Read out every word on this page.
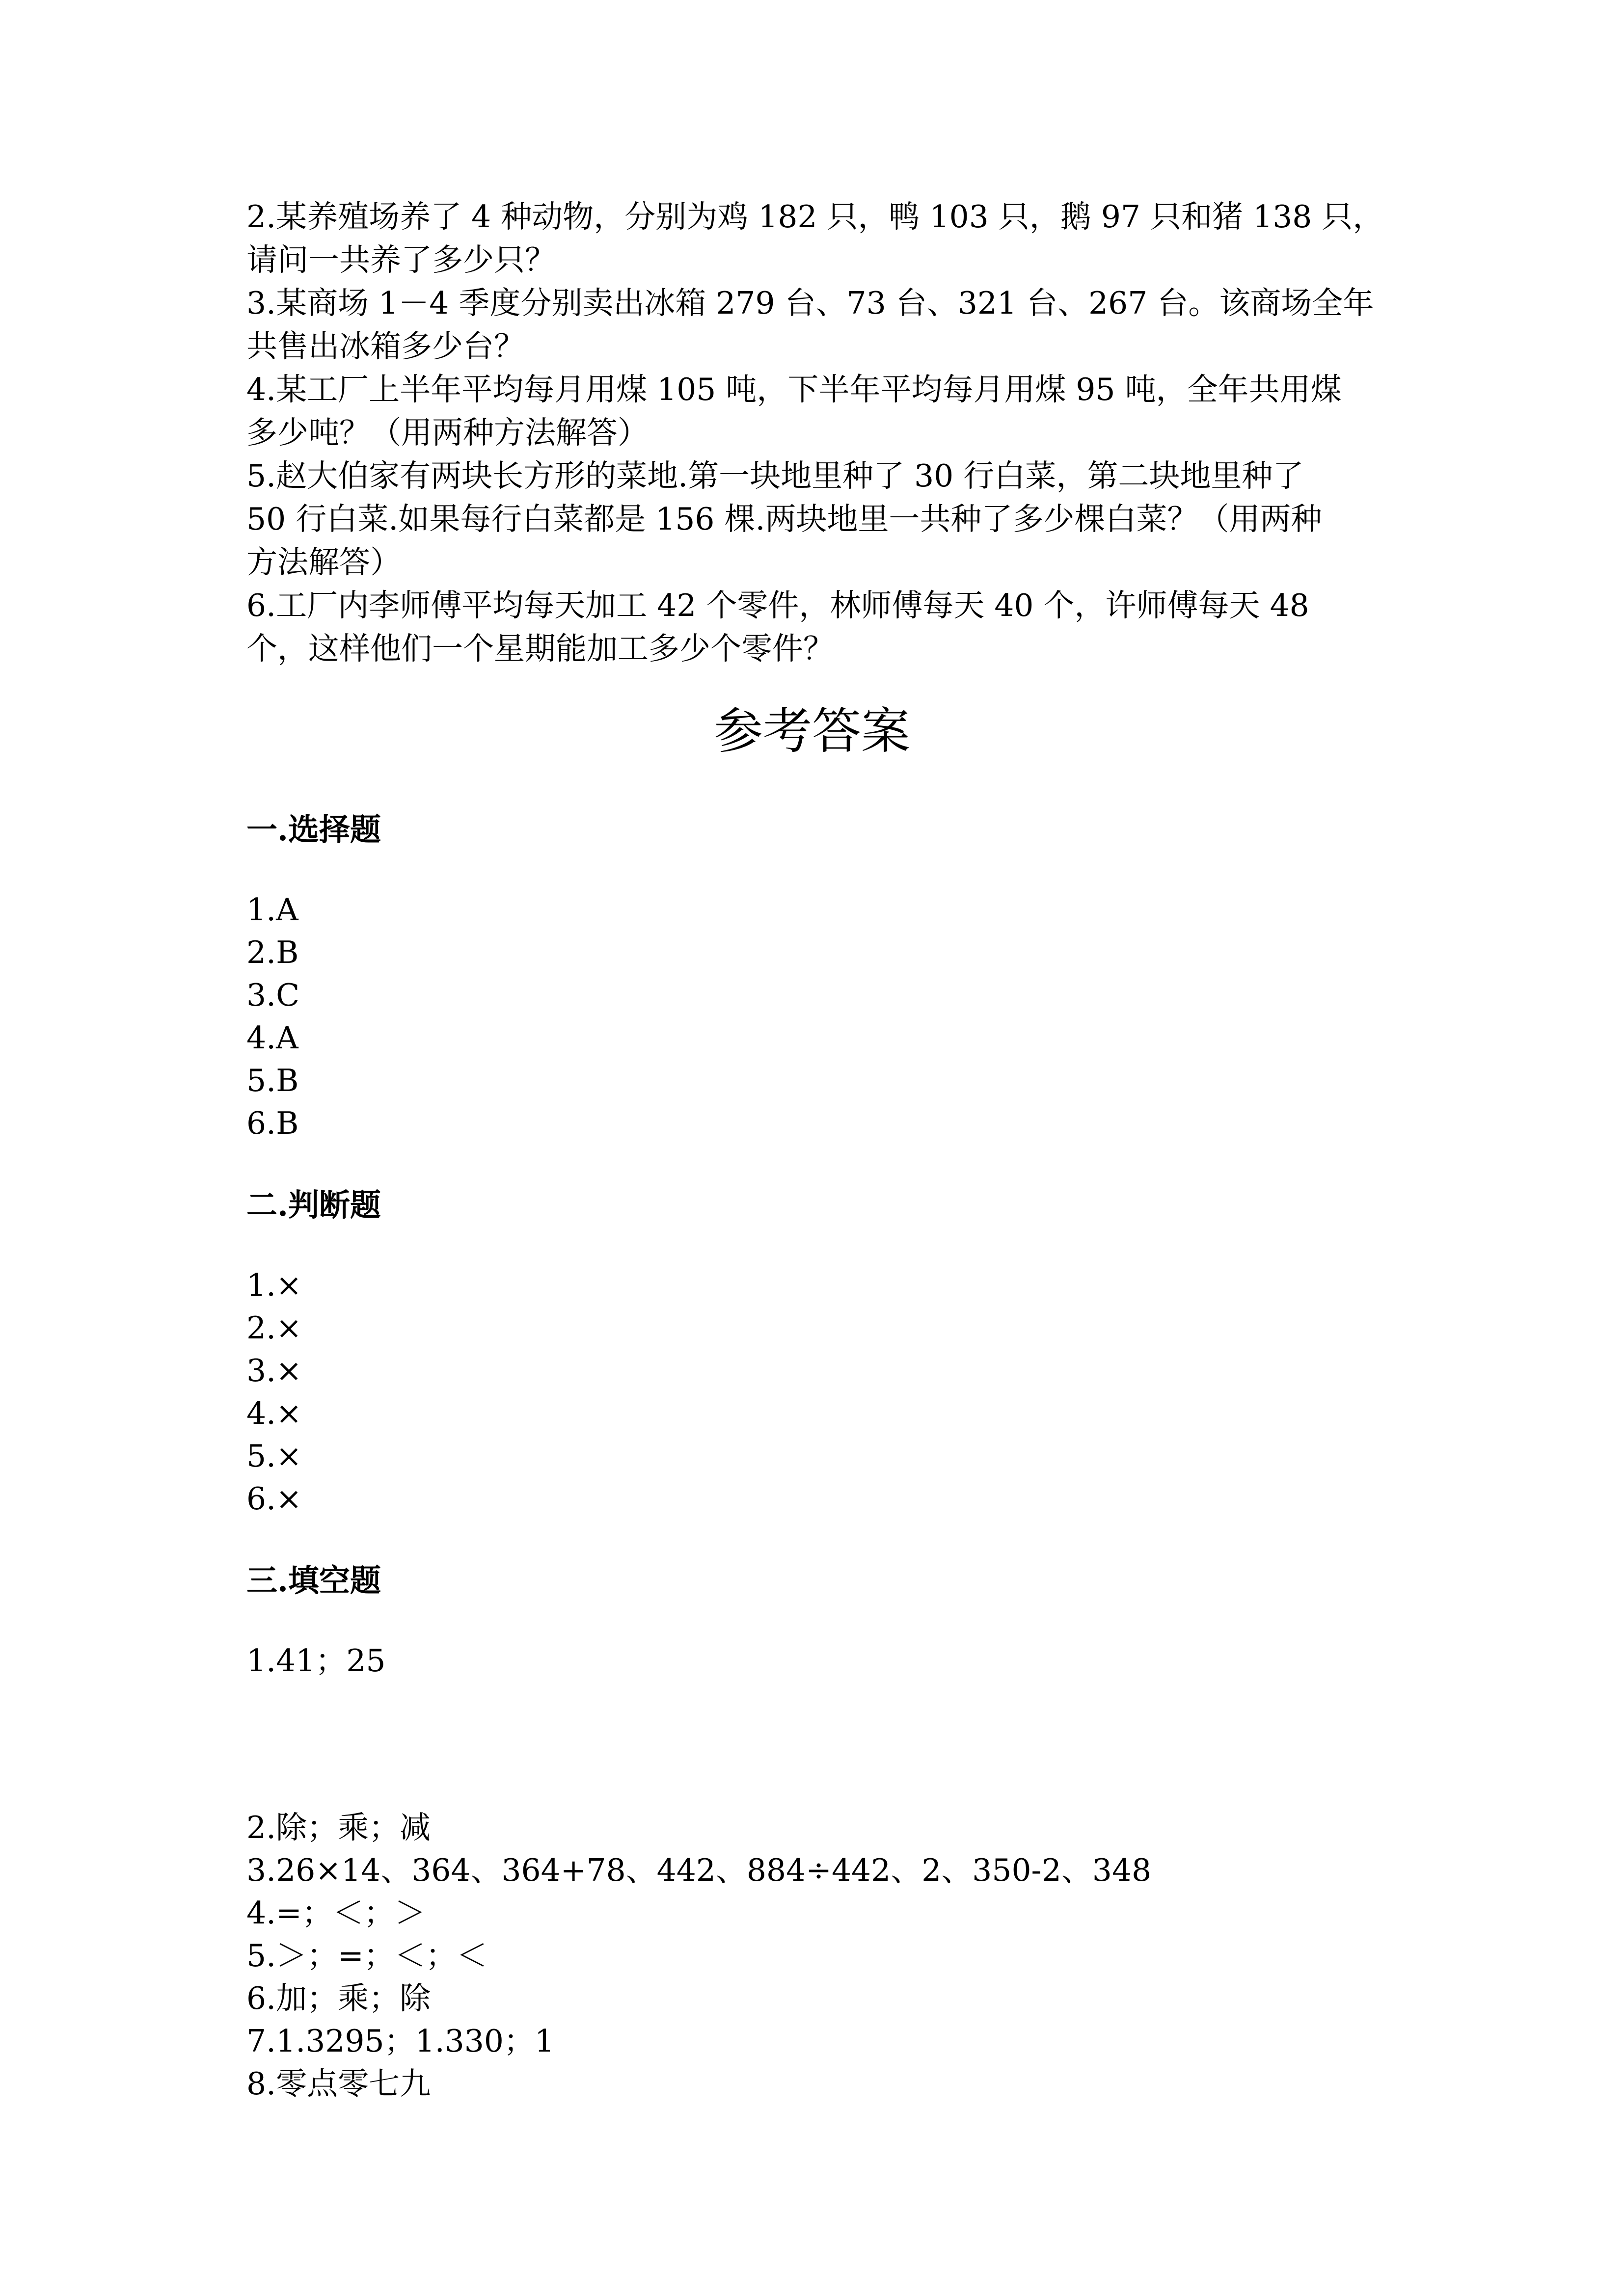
2.某养殖场养了 4 种动物，分别为鸡 182 只，鸭 103 只，鹅 97 只和猪 138 只，

请问一共养了多少只？

3.某商场 1－4 季度分别卖出冰箱 279 台、73 台、321 台、267 台。该商场全年

共售出冰箱多少台？

4.某工厂上半年平均每月用煤 105 吨，下半年平均每月用煤 95 吨，全年共用煤

多少吨？（用两种方法解答）

5.赵大伯家有两块长方形的菜地.第一块地里种了 30 行白菜，第二块地里种了

50 行白菜.如果每行白菜都是 156 棵.两块地里一共种了多少棵白菜？（用两种

方法解答）

6.工厂内李师傅平均每天加工 42 个零件，林师傅每天 40 个，许师傅每天 48

个，这样他们一个星期能加工多少个零件？

参考答案
一.选择题
1.A
2.B
3.C
4.A
5.B
6.B
二.判断题
1.×
2.×
3.×
4.×
5.×
6.×
三.填空题
1.41；25
2.除；乘；减
3.26×14、364、364+78、442、884÷442、2、350-2、348
4.=；＜；＞
5.＞；=；＜；＜
6.加；乘；除
7.1.3295；1.330；1
8.零点零七九
